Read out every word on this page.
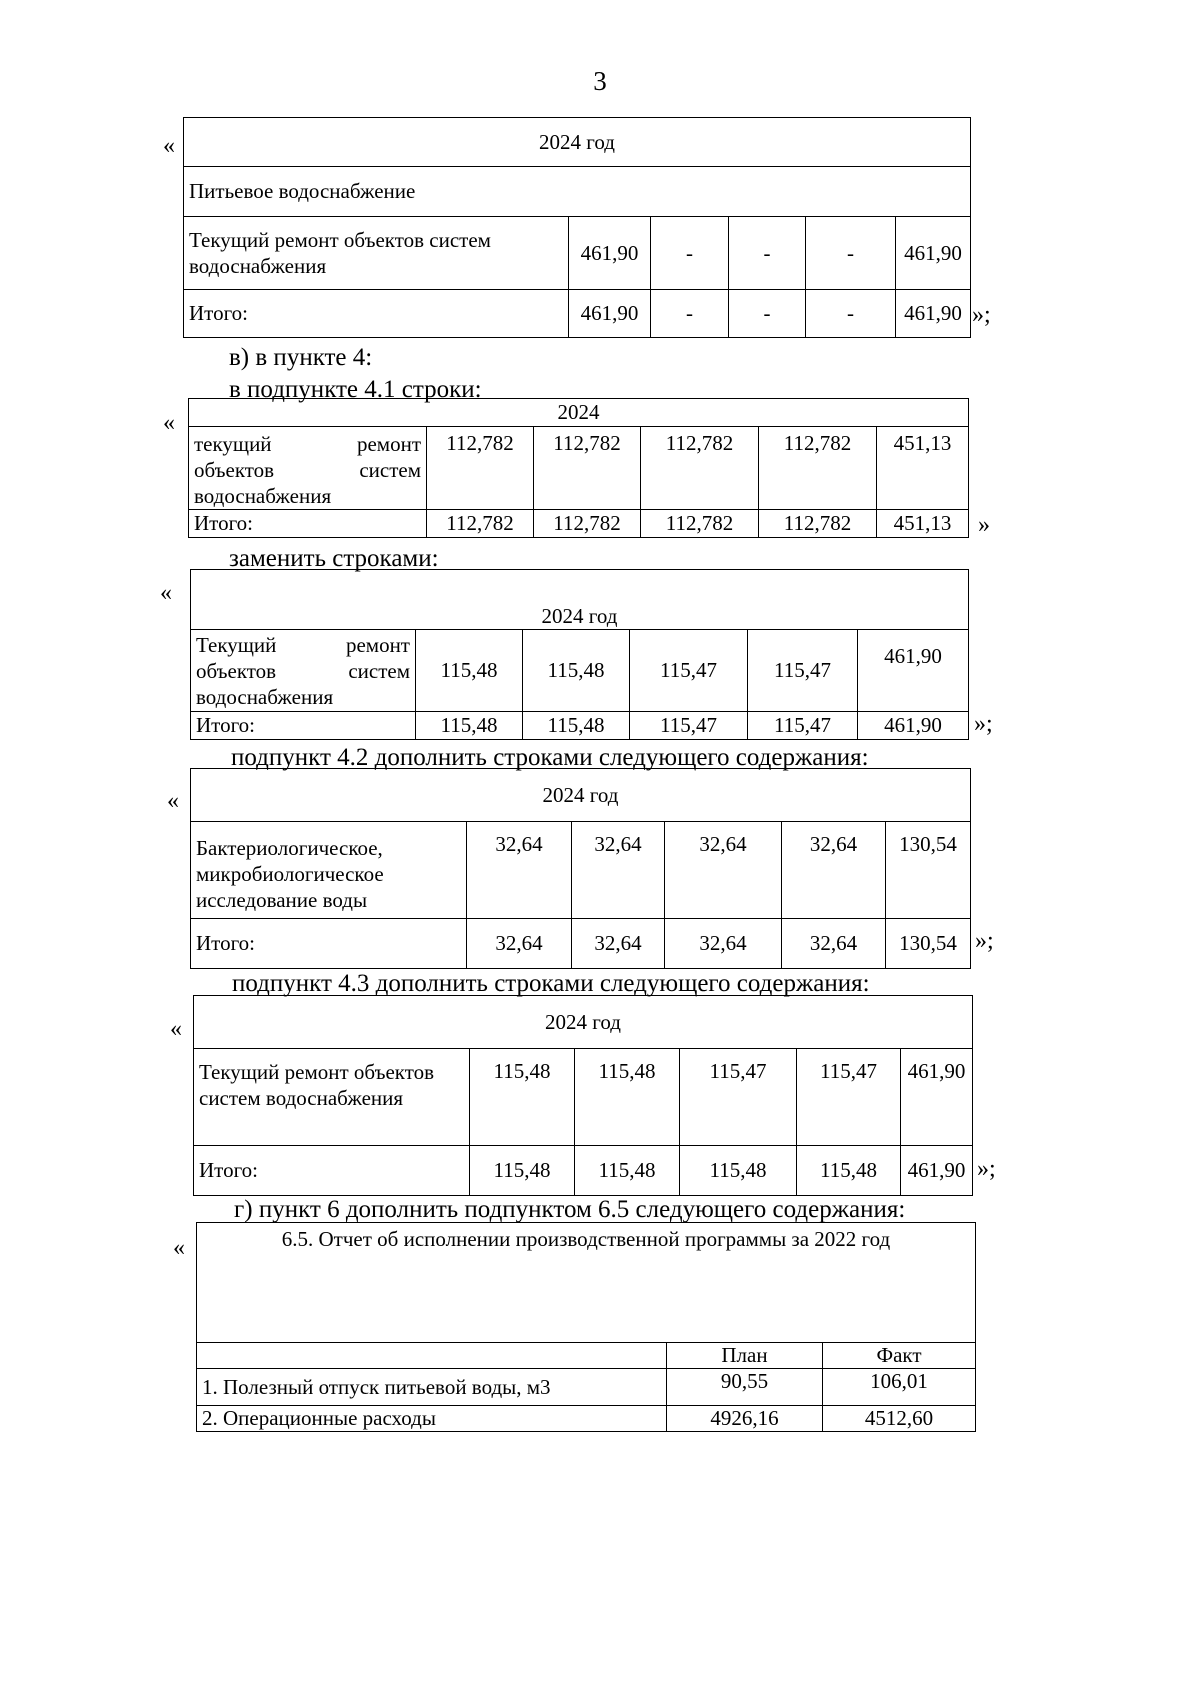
3
«	2024 год					
Питьевое водоснабжение					
Текущий ремонт объектов систем водоснабжения	461,90	-	-	-	461,90
Итого:	461,90	-	-	-	461,90 »;
в) в пункте 4:
в подпункте 4.1 строки:
«	2024					
текущий ремонт объектов систем водоснабжения	112,782	112,782	112,782	112,782	451,13
Итого:	112,782	112,782	112,782	112,782	451,13 »
заменить строками:
«
2024 год					
Текущий ремонт объектов систем водоснабжения	115,48	115,48	115,47	115,47	461,90
Итого:	115,48	115,48	115,47	115,47	461,90 »;
подпункт 4.2 дополнить строками следующего содержания:
«	2024 год					
Бактериологическое, микробиологическое исследование воды	32,64	32,64	32,64	32,64	130,54
Итого:	32,64	32,64	32,64	32,64	130,54 »;
подпункт 4.3 дополнить строками следующего содержания:
«	2024 год					
Текущий ремонт объектов систем водоснабжения	115,48	115,48	115,47	115,47	461,90
Итого:	115,48	115,48	115,48	115,48	461,90 »;
г) пункт 6 дополнить подпунктом 6.5 следующего содержания:
«	6.5. Отчет об исполнении производственной программы за 2022 год		
	План	Факт
1. Полезный отпуск питьевой воды, м3	90,55	106,01
2. Операционные расходы	4926,16	4512,60
